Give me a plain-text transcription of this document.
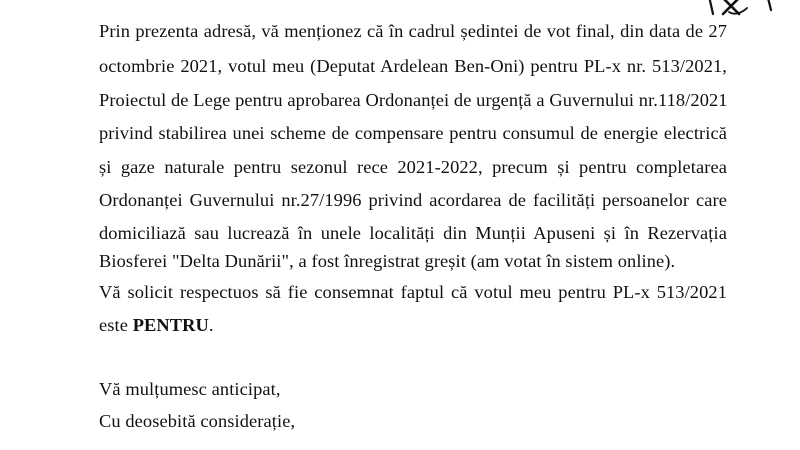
Prin prezenta adresă, vă menționez că în cadrul ședintei de vot final, din data de 27
octombrie 2021, votul meu (Deputat Ardelean Ben-Oni) pentru PL-x nr. 513/2021,
Proiectul de Lege pentru aprobarea Ordonanței de urgență a Guvernului nr.118/2021
privind stabilirea unei scheme de compensare pentru consumul de energie electrică
și gaze naturale pentru sezonul rece 2021-2022, precum și pentru completarea
Ordonanței Guvernului nr.27/1996 privind acordarea de facilități persoanelor care
domiciliază sau lucrează în unele localități din Munții Apuseni și în Rezervația
Biosferei "Delta Dunării", a fost înregistrat greșit (am votat în sistem online).
Vă solicit respectuos să fie consemnat faptul că votul meu pentru PL-x 513/2021
este PENTRU.
Vă mulțumesc anticipat,
Cu deosebită considerație,
